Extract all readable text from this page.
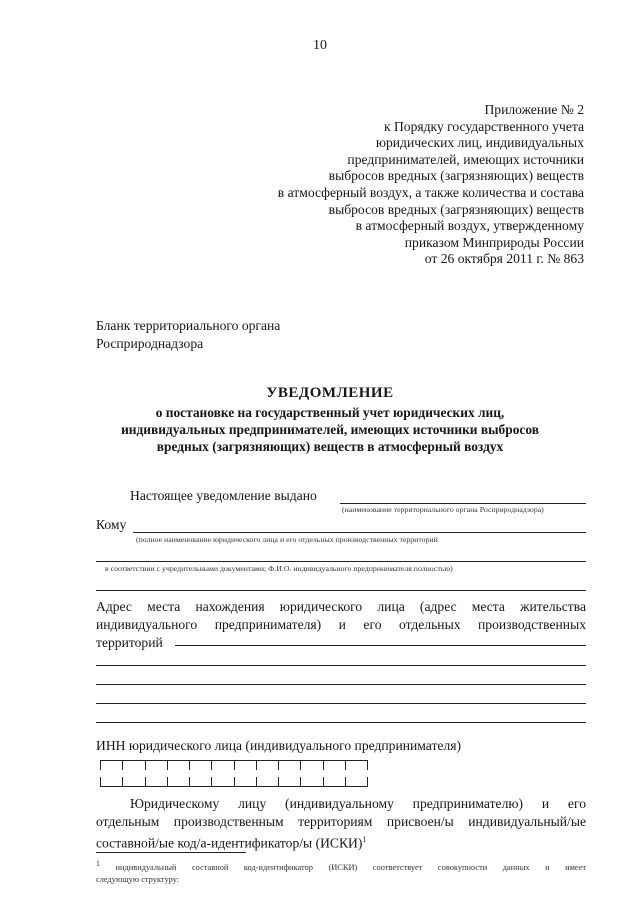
10
Приложение № 2
к Порядку государственного учета
юридических лиц, индивидуальных
предпринимателей, имеющих источники
выбросов вредных (загрязняющих) веществ
в атмосферный воздух, а также количества и состава
выбросов вредных (загрязняющих) веществ
в атмосферный воздух, утвержденному
приказом Минприроды России
от 26 октября 2011 г. № 863
Бланк территориального органа
Росприроднадзора
УВЕДОМЛЕНИЕ
о постановке на государственный учет юридических лиц,
индивидуальных предпринимателей, имеющих источники выбросов
вредных (загрязняющих) веществ в атмосферный воздух
Настоящее уведомление выдано
(наименование территориального органа Росприроднадзора)
Кому
(полное наименование юридического лица и его отдельных производственных территорий
в соответствии с учредительными документами; Ф.И.О. индивидуального предпринимателя полностью)
Адрес места нахождения юридического лица (адрес места жительства
индивидуального предпринимателя) и его отдельных производственных
территорий
ИНН юридического лица (индивидуального предпринимателя)
Юридическому лицу (индивидуальному предпринимателю) и его
отдельным производственным территориям присвоен/ы индивидуальный/ые
составной/ые код/а-идентификатор/ы (ИСКИ)$^1$
$^1$ индивидуальный составной код-идентификатор (ИСКИ) соответствует совокупности данных и имеет
следующую структуру:
